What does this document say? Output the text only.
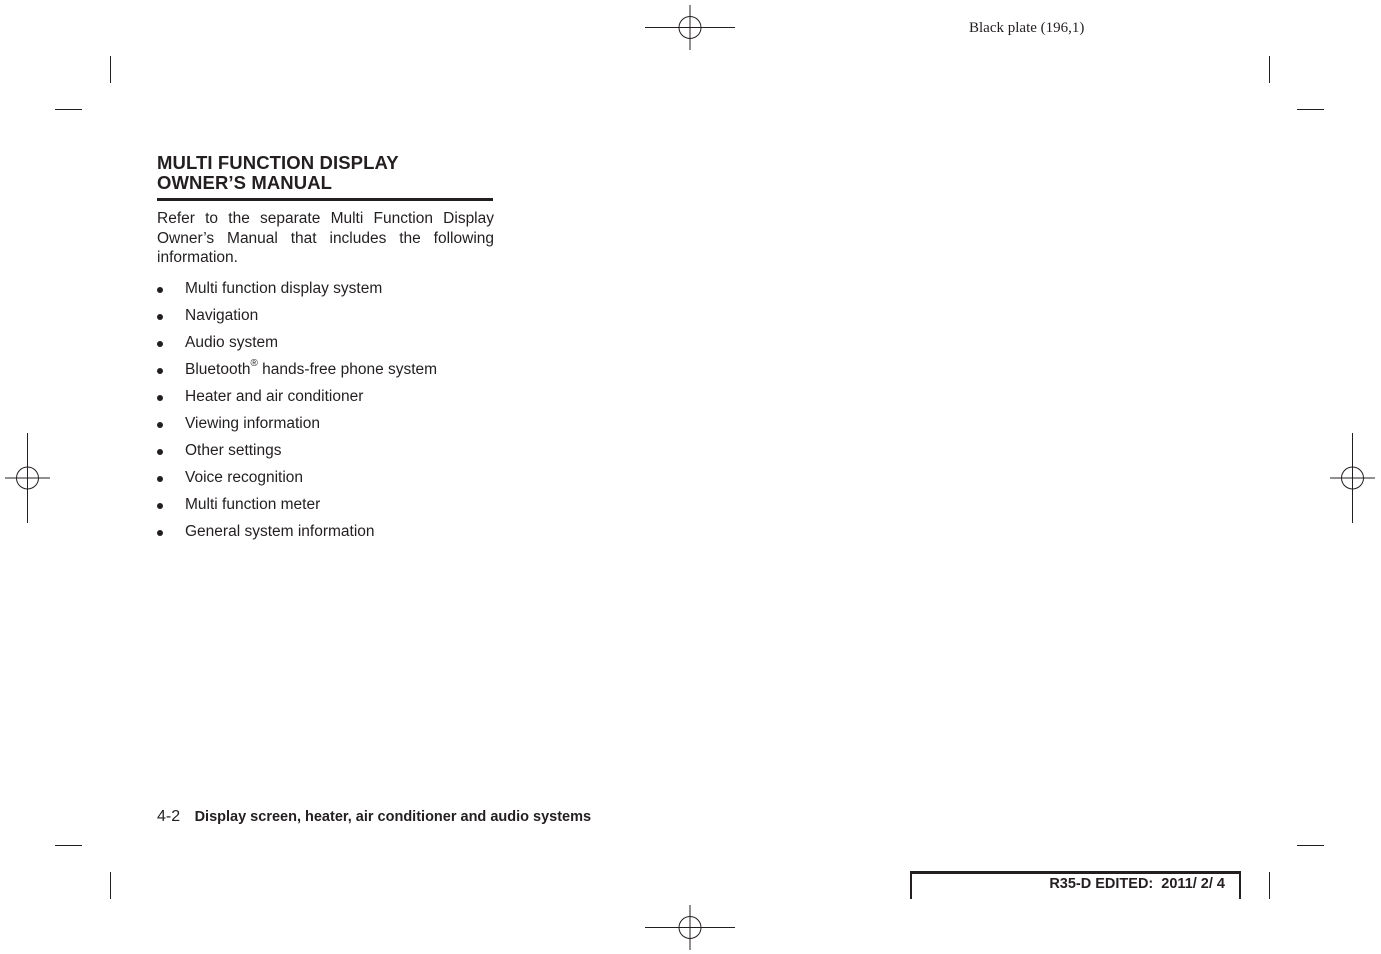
Black plate (196,1)
MULTI FUNCTION DISPLAY
OWNER’S MANUAL
Refer to the separate Multi Function Display Owner’s Manual that includes the following information.
Multi function display system
Navigation
Audio system
Bluetooth® hands-free phone system
Heater and air conditioner
Viewing information
Other settings
Voice recognition
Multi function meter
General system information
4-2 Display screen, heater, air conditioner and audio systems
R35-D EDITED:  2011/ 2/ 4
